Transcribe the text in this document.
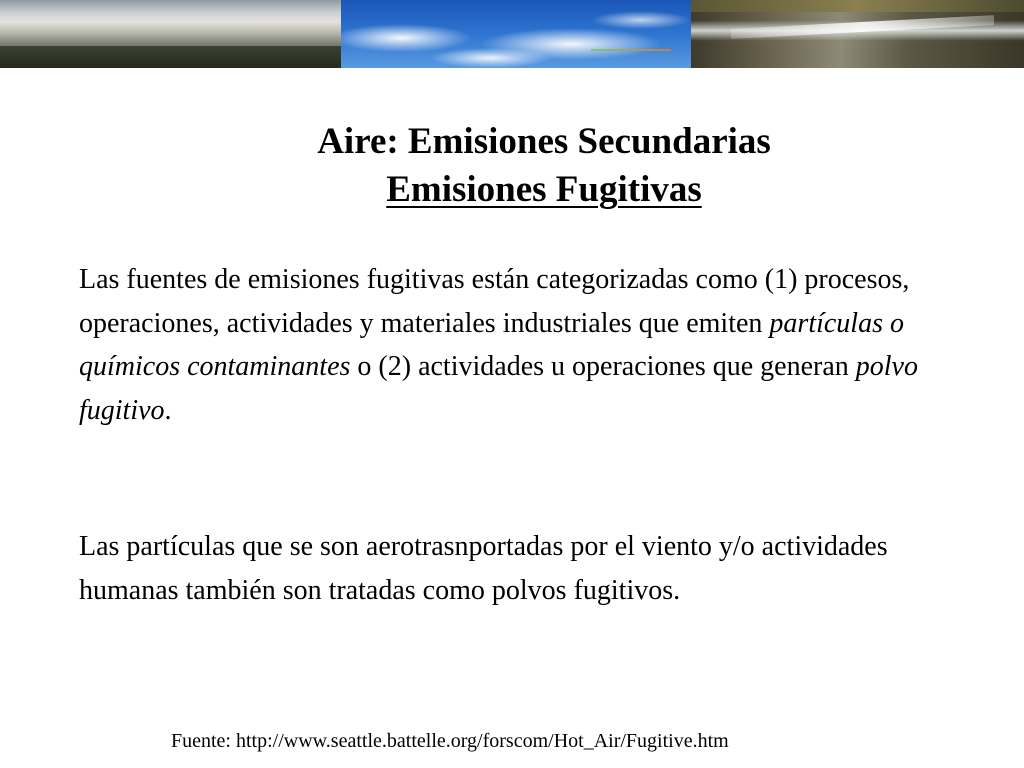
Aire: Emisiones Secundarias
Emisiones Fugitivas

Las fuentes de emisiones fugitivas están categorizadas como (1) procesos, operaciones, actividades y materiales industriales que emiten partículas o químicos contaminantes o (2) actividades u operaciones que generan polvo fugitivo.

Las partículas que se son aerotrasnportadas por el viento y/o actividades humanas también son tratadas como polvos fugitivos.

Fuente: http://www.seattle.battelle.org/forscom/Hot_Air/Fugitive.htm
